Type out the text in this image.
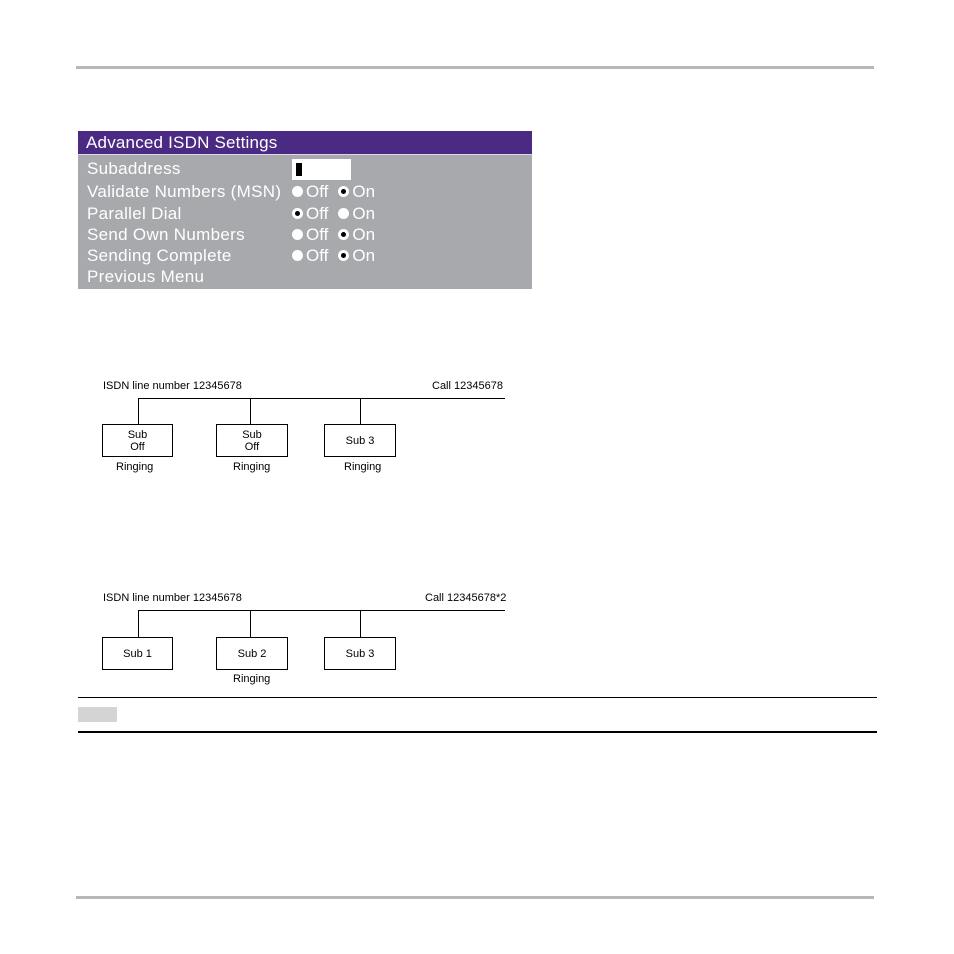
Advanced ISDN Settings
Subaddress
Validate Numbers (MSN) Off On
Parallel Dial	Off On
Send Own Numbers	Off On
Sending Complete	Off On
Previous Menu
ISDN line number 12345678	Call 12345678
Sub
Off
Sub
Off	Sub 3
Ringing	Ringing	Ringing
ISDN line number 12345678	Call 12345678*2
Sub 1	Sub 2	Sub 3
Ringing
